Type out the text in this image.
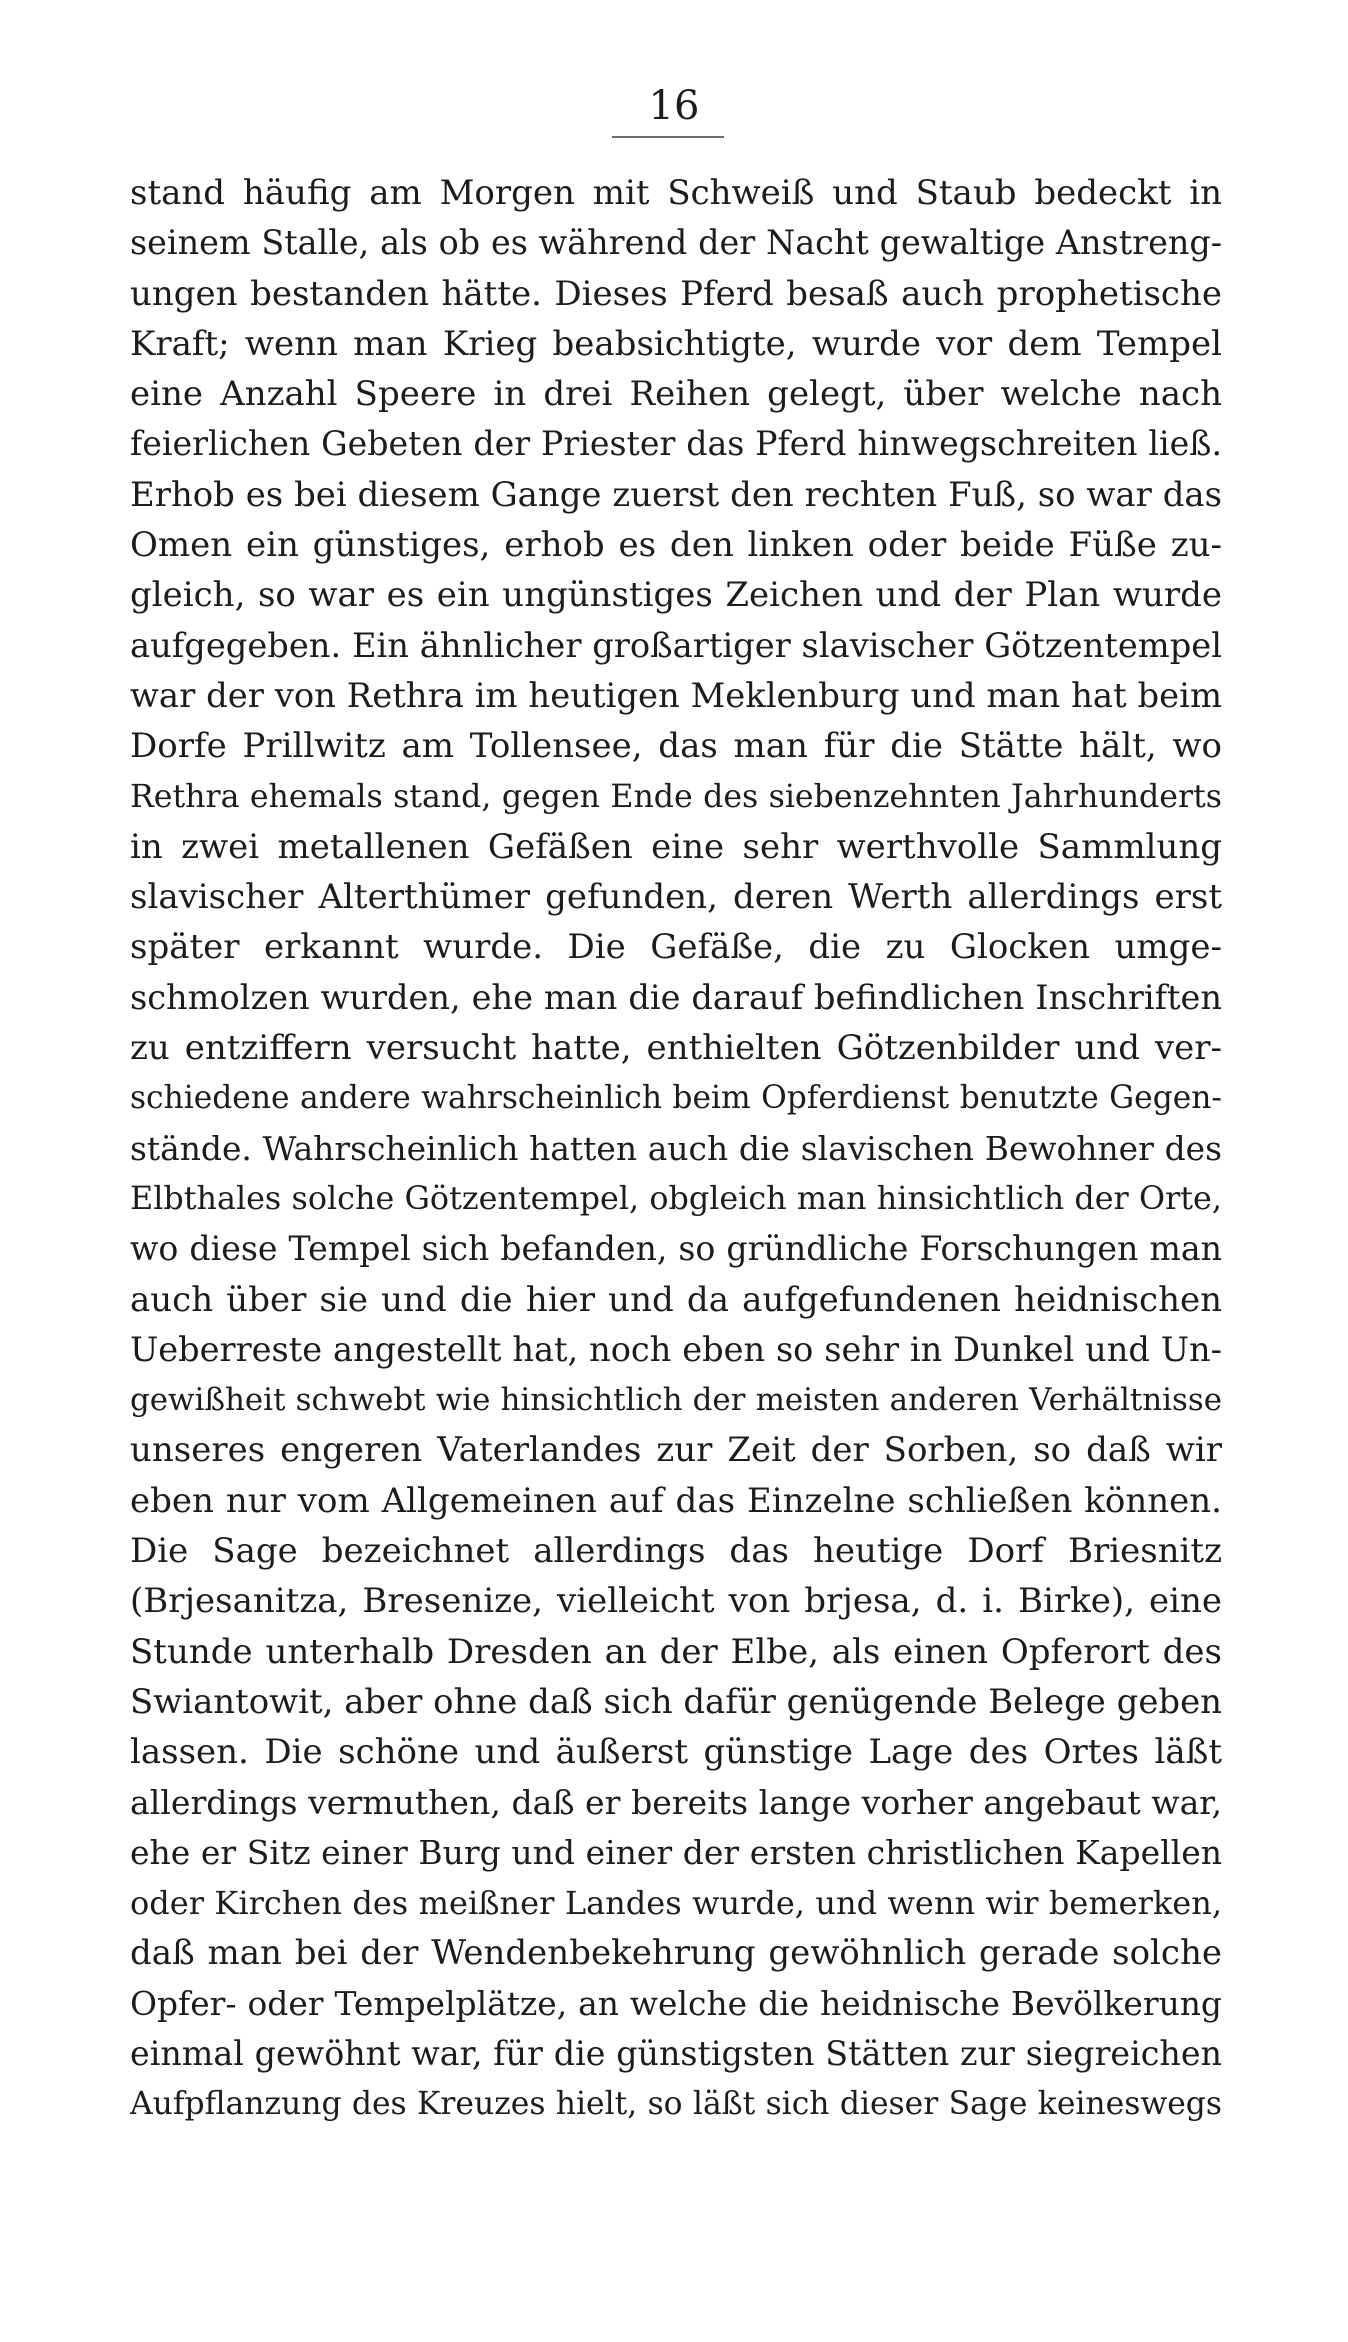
16
stand häufig am Morgen mit Schweiß und Staub bedeckt in
seinem Stalle, als ob es während der Nacht gewaltige Anstreng-
ungen bestanden hätte. Dieses Pferd besaß auch prophetische
Kraft; wenn man Krieg beabsichtigte, wurde vor dem Tempel
eine Anzahl Speere in drei Reihen gelegt, über welche nach
feierlichen Gebeten der Priester das Pferd hinwegschreiten ließ.
Erhob es bei diesem Gange zuerst den rechten Fuß, so war das
Omen ein günstiges, erhob es den linken oder beide Füße zu-
gleich, so war es ein ungünstiges Zeichen und der Plan wurde
aufgegeben. Ein ähnlicher großartiger slavischer Götzentempel
war der von Rethra im heutigen Meklenburg und man hat beim
Dorfe Prillwitz am Tollensee, das man für die Stätte hält, wo
Rethra ehemals stand, gegen Ende des siebenzehnten Jahrhunderts
in zwei metallenen Gefäßen eine sehr werthvolle Sammlung
slavischer Alterthümer gefunden, deren Werth allerdings erst
später erkannt wurde. Die Gefäße, die zu Glocken umge-
schmolzen wurden, ehe man die darauf befindlichen Inschriften
zu entziffern versucht hatte, enthielten Götzenbilder und ver-
schiedene andere wahrscheinlich beim Opferdienst benutzte Gegen-
stände. Wahrscheinlich hatten auch die slavischen Bewohner des
Elbthales solche Götzentempel, obgleich man hinsichtlich der Orte,
wo diese Tempel sich befanden, so gründliche Forschungen man
auch über sie und die hier und da aufgefundenen heidnischen
Ueberreste angestellt hat, noch eben so sehr in Dunkel und Un-
gewißheit schwebt wie hinsichtlich der meisten anderen Verhältnisse
unseres engeren Vaterlandes zur Zeit der Sorben, so daß wir
eben nur vom Allgemeinen auf das Einzelne schließen können.
Die Sage bezeichnet allerdings das heutige Dorf Briesnitz
(Brjesanitza, Bresenize, vielleicht von brjesa, d. i. Birke), eine
Stunde unterhalb Dresden an der Elbe, als einen Opferort des
Swiantowit, aber ohne daß sich dafür genügende Belege geben
lassen. Die schöne und äußerst günstige Lage des Ortes läßt
allerdings vermuthen, daß er bereits lange vorher angebaut war,
ehe er Sitz einer Burg und einer der ersten christlichen Kapellen
oder Kirchen des meißner Landes wurde, und wenn wir bemerken,
daß man bei der Wendenbekehrung gewöhnlich gerade solche
Opfer- oder Tempelplätze, an welche die heidnische Bevölkerung
einmal gewöhnt war, für die günstigsten Stätten zur siegreichen
Aufpflanzung des Kreuzes hielt, so läßt sich dieser Sage keineswegs
